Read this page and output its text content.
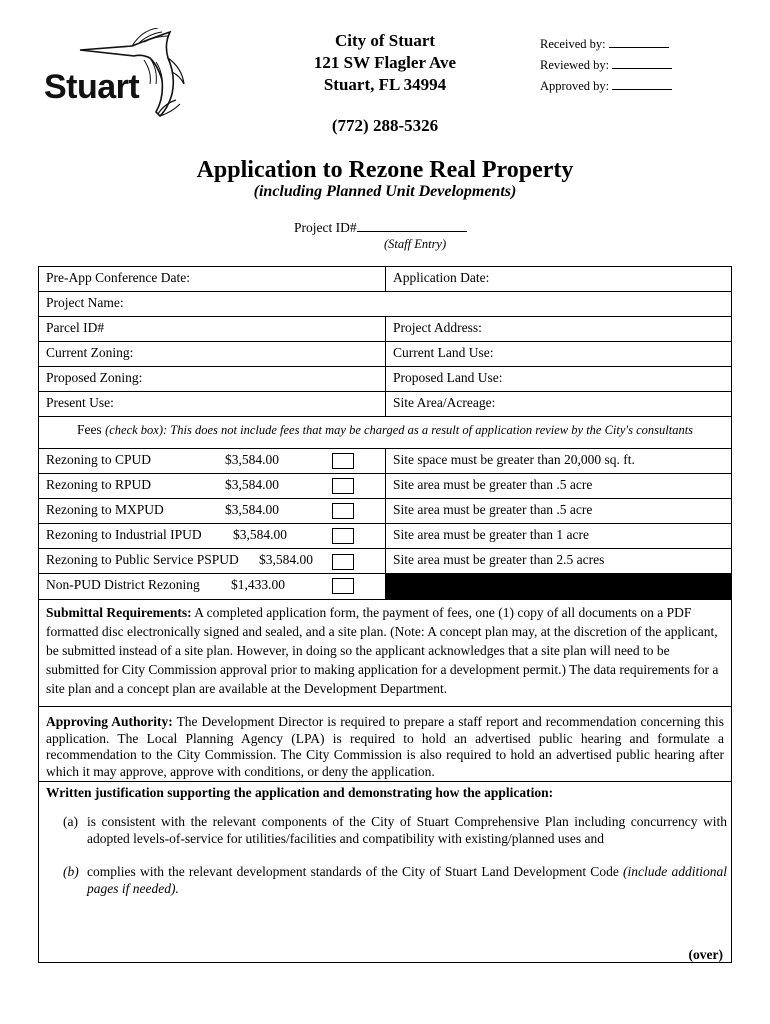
Stuart
City of Stuart
121 SW Flagler Ave
Stuart, FL 34994
(772) 288-5326
Received by:
Reviewed by:
Approved by:
Application to Rezone Real Property
(including Planned Unit Developments)
Project ID#
(Staff Entry)
Pre-App Conference Date:	Application Date:
Project Name:
Parcel ID#	Project Address:
Current Zoning:	Current Land Use:
Proposed Zoning:	Proposed Land Use:
Present Use:	Site Area/Acreage:
Fees (check box): This does not include fees that may be charged as a result of application review by the City's consultants
Rezoning to CPUD	$3,584.00	Site space must be greater than 20,000 sq. ft.
Rezoning to RPUD	$3,584.00	Site area must be greater than .5 acre
Rezoning to MXPUD	$3,584.00	Site area must be greater than .5 acre
Rezoning to Industrial IPUD	$3,584.00	Site area must be greater than 1 acre
Rezoning to Public Service PSPUD	$3,584.00	Site area must be greater than 2.5 acres
Non-PUD District Rezoning	$1,433.00
Submittal Requirements: A completed application form, the payment of fees, one (1) copy of all documents on a PDF formatted disc electronically signed and sealed, and a site plan. (Note: A concept plan may, at the discretion of the applicant, be submitted instead of a site plan. However, in doing so the applicant acknowledges that a site plan will need to be submitted for City Commission approval prior to making application for a development permit.) The data requirements for a site plan and a concept plan are available at the Development Department.
Approving Authority: The Development Director is required to prepare a staff report and recommendation concerning this application. The Local Planning Agency (LPA) is required to hold an advertised public hearing and formulate a recommendation to the City Commission. The City Commission is also required to hold an advertised public hearing after which it may approve, approve with conditions, or deny the application.
Written justification supporting the application and demonstrating how the application:
(a) is consistent with the relevant components of the City of Stuart Comprehensive Plan including concurrency with adopted levels-of-service for utilities/facilities and compatibility with existing/planned uses and
(b) complies with the relevant development standards of the City of Stuart Land Development Code (include additional pages if needed).
(over)
